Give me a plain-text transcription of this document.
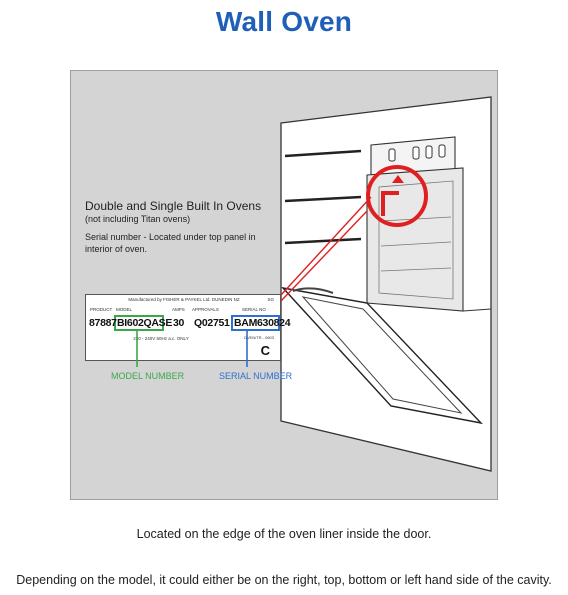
Wall Oven
Double and Single Built In Ovens
(not including Titan ovens)
Serial number - Located under top panel in interior of oven.
Manufactured by FISHER & PAYKEL Ltd. DUNEDIN NZ	SG
PRODUCT MODEL	AMPS APPROVALS	SERIAL NO
87887 BI602QASE 30 Q02751 BAM630824
230 - 240V 50Hz a.c. ONLY	OVEN/TR - 0603
C
MODEL NUMBER	SERIAL NUMBER
Located on the edge of the oven liner inside the door.
Depending on the model, it could either be on the right, top, bottom or left hand side of the cavity.
